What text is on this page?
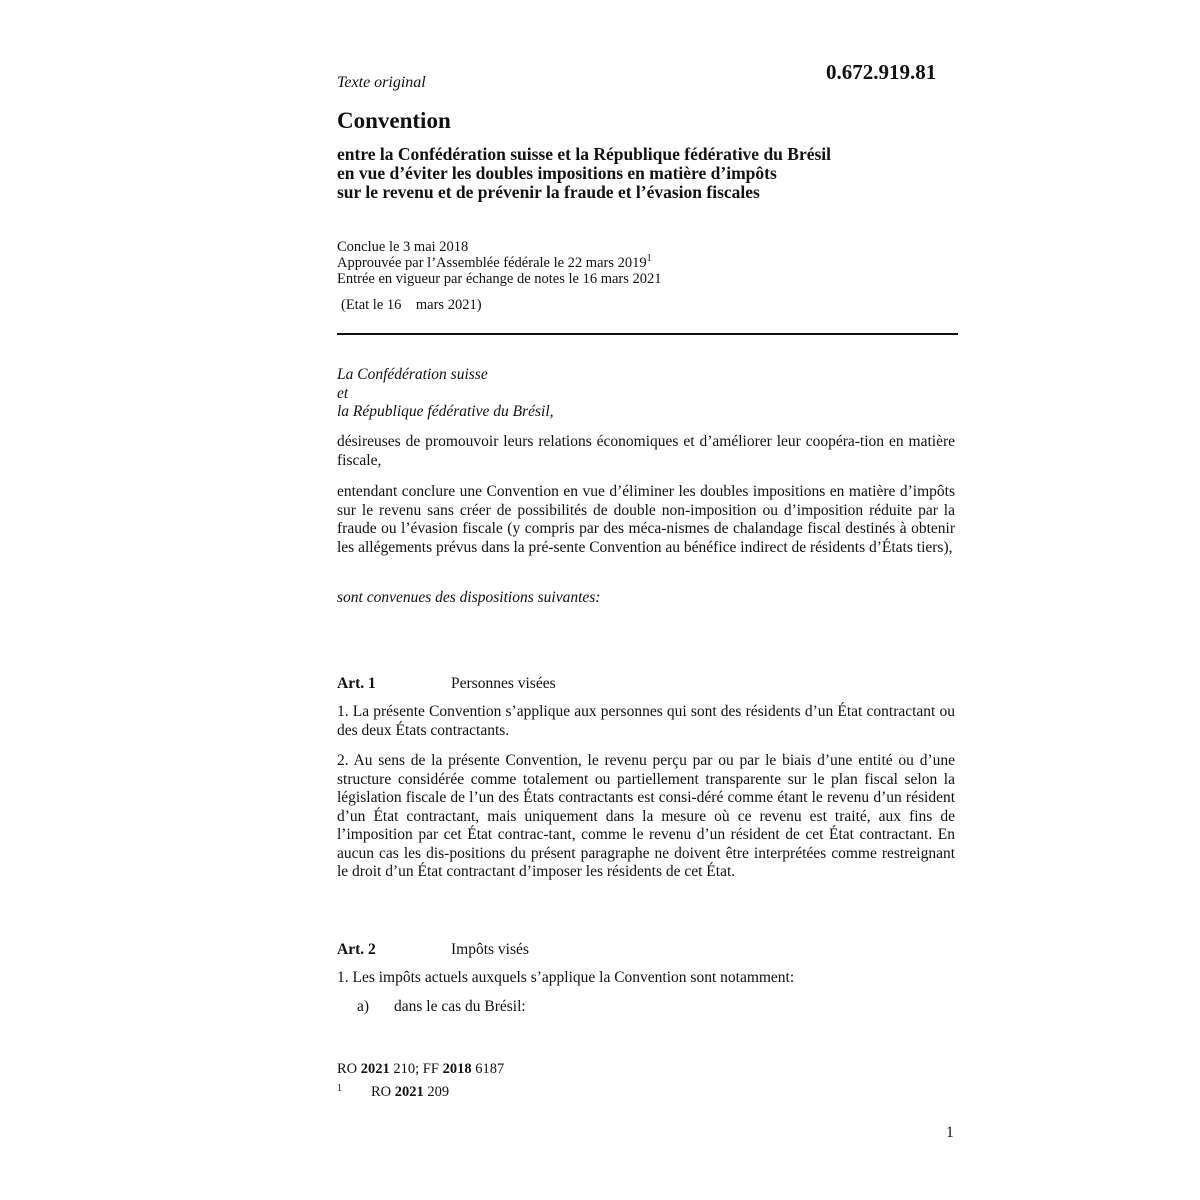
Texte original	0.672.919.81
Convention
entre la Confédération suisse et la République fédérative du Brésil
en vue d’éviter les doubles impositions en matière d’impôts
sur le revenu et de prévenir la fraude et l’évasion fiscales
Conclue le 3 mai 2018
Approuvée par l’Assemblée fédérale le 22 mars 2019$^1$
Entrée en vigueur par échange de notes le 16 mars 2021
(Etat le 16    mars 2021)
La Confédération suisse
et
la République fédérative du Brésil,
désireuses de promouvoir leurs relations économiques et d’améliorer leur coopéra-tion en matière fiscale,
entendant conclure une Convention en vue d’éliminer les doubles impositions en matière d’impôts sur le revenu sans créer de possibilités de double non-imposition ou d’imposition réduite par la fraude ou l’évasion fiscale (y compris par des méca-nismes de chalandage fiscal destinés à obtenir les allégements prévus dans la pré-sente Convention au bénéfice indirect de résidents d’États tiers),
sont convenues des dispositions suivantes:
Art. 1	Personnes visées
1. La présente Convention s’applique aux personnes qui sont des résidents d’un État contractant ou des deux États contractants.
2. Au sens de la présente Convention, le revenu perçu par ou par le biais d’une entité ou d’une structure considérée comme totalement ou partiellement transparente sur le plan fiscal selon la législation fiscale de l’un des États contractants est consi-déré comme étant le revenu d’un résident d’un État contractant, mais uniquement dans la mesure où ce revenu est traité, aux fins de l’imposition par cet État contrac-tant, comme le revenu d’un résident de cet État contractant. En aucun cas les dis-positions du présent paragraphe ne doivent être interprétées comme restreignant le droit d’un État contractant d’imposer les résidents de cet État.
Art. 2	Impôts visés
1. Les impôts actuels auxquels s’applique la Convention sont notamment:
a) dans le cas du Brésil:
RO 2021 210; FF 2018 6187
1 RO 2021 209
1
